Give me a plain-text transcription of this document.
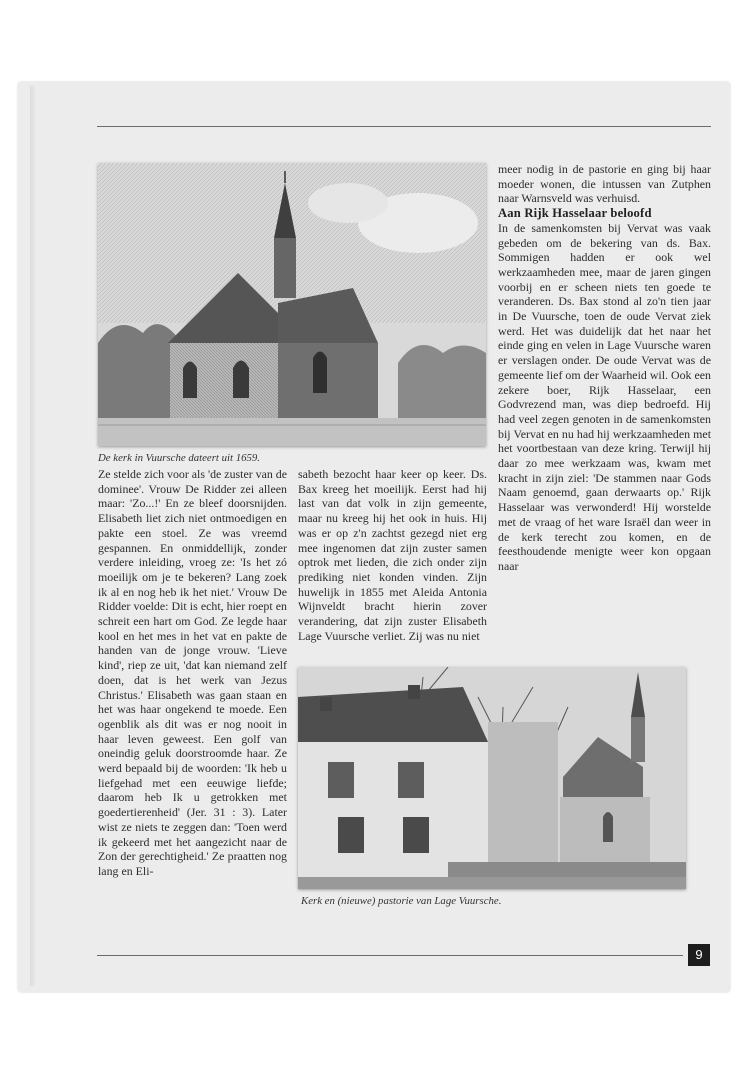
De kerk in Vuursche dateert uit 1659.

meer nodig in de pastorie en ging bij haar moeder wonen, die intussen van Zutphen naar Warnsveld was verhuisd.

Aan Rijk Hasselaar beloofd

In de samenkomsten bij Vervat was vaak gebeden om de bekering van ds. Bax. Sommigen hadden er ook wel werkzaamheden mee, maar de jaren gingen voorbij en er scheen niets ten goede te veranderen. Ds. Bax stond al zo'n tien jaar in De Vuursche, toen de oude Vervat ziek werd. Het was duidelijk dat het naar het einde ging en velen in Lage Vuursche waren er verslagen onder. De oude Vervat was de gemeente lief om der Waarheid wil. Ook een zekere boer, Rijk Hasselaar, een Godvrezend man, was diep bedroefd. Hij had veel zegen genoten in de samenkomsten bij Vervat en nu had hij werkzaamheden met het voortbestaan van deze kring. Terwijl hij daar zo mee werkzaam was, kwam met kracht in zijn ziel: 'De stammen naar Gods Naam genoemd, gaan derwaarts op.' Rijk Hasselaar was verwonderd! Hij worstelde met de vraag of het ware Israël dan weer in de kerk terecht zou komen, en de feesthoudende menigte weer kon opgaan naar

Ze stelde zich voor als 'de zuster van de dominee'. Vrouw De Ridder zei alleen maar: 'Zo...!' En ze bleef doorsnijden. Elisabeth liet zich niet ontmoedigen en pakte een stoel. Ze was vreemd gespannen. En onmiddellijk, zonder verdere inleiding, vroeg ze: 'Is het zó moeilijk om je te bekeren? Lang zoek ik al en nog heb ik het niet.' Vrouw De Ridder voelde: Dit is echt, hier roept en schreit een hart om God. Ze legde haar kool en het mes in het vat en pakte de handen van de jonge vrouw. 'Lieve kind', riep ze uit, 'dat kan niemand zelf doen, dat is het werk van Jezus Christus.' Elisabeth was gaan staan en het was haar ongekend te moede. Een ogenblik als dit was er nog nooit in haar leven geweest. Een golf van oneindig geluk doorstroomde haar. Ze werd bepaald bij de woorden: 'Ik heb u liefgehad met een eeuwige liefde; daarom heb Ik u getrokken met goedertierenheid' (Jer. 31 : 3). Later wist ze niets te zeggen dan: 'Toen werd ik gekeerd met het aangezicht naar de Zon der gerechtigheid.' Ze praatten nog lang en Eli-

sabeth bezocht haar keer op keer. Ds. Bax kreeg het moeilijk. Eerst had hij last van dat volk in zijn gemeente, maar nu kreeg hij het ook in huis. Hij was er op z'n zachtst gezegd niet erg mee ingenomen dat zijn zuster samen optrok met lieden, die zich onder zijn prediking niet konden vinden. Zijn huwelijk in 1855 met Aleida Antonia Wijnveldt bracht hierin zover verandering, dat zijn zuster Elisabeth Lage Vuursche verliet. Zij was nu niet

Kerk en (nieuwe) pastorie van Lage Vuursche.
9
